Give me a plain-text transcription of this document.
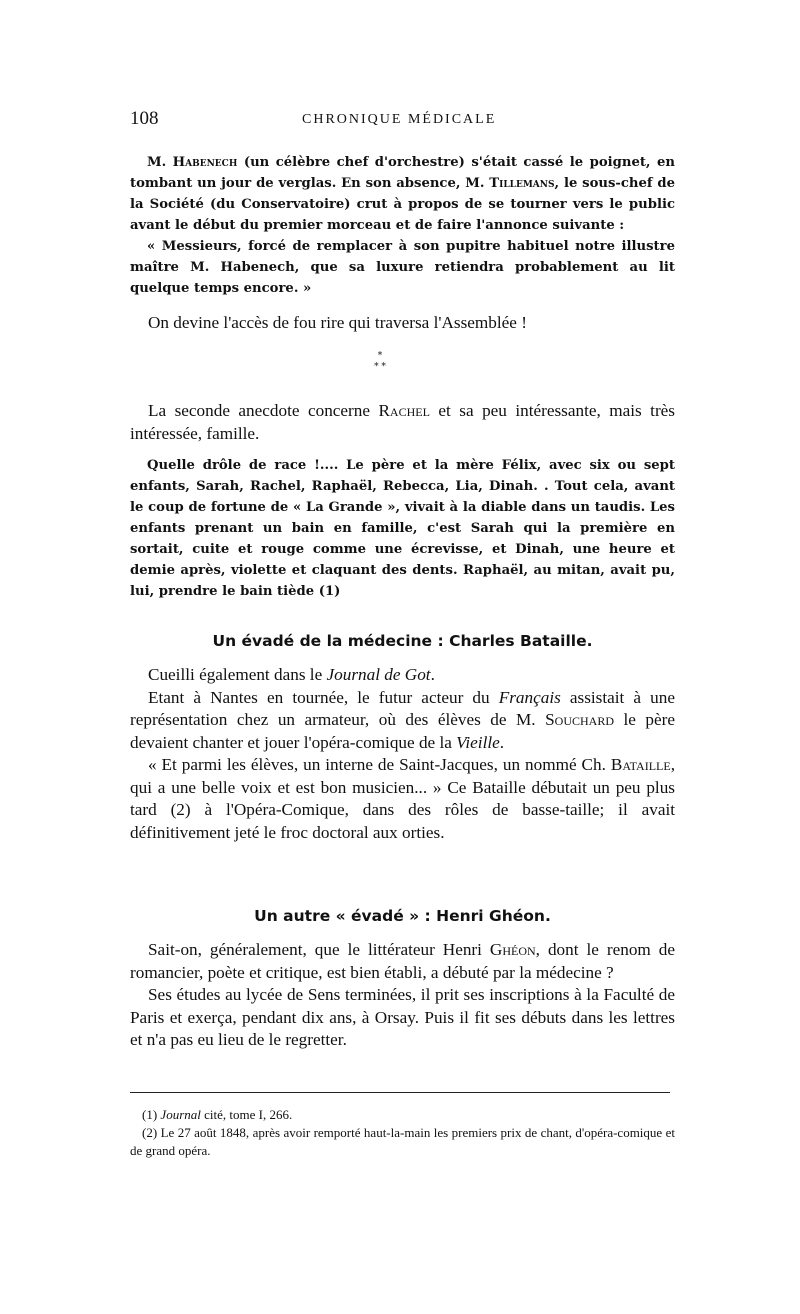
108	CHRONIQUE MÉDICALE

M. Habenech (un célèbre chef d'orchestre) s'était cassé le poignet, en tombant un jour de verglas. En son absence, M. Tillemans, le sous-chef de la Société (du Conservatoire) crut à propos de se tourner vers le public avant le début du premier morceau et de faire l'annonce suivante :

« Messieurs, forcé de remplacer à son pupitre habituel notre illustre maître M. Habenech, que sa luxure retiendra probablement au lit quelque temps encore. »

On devine l'accès de fou rire qui traversa l'Assemblée !

*
* *

La seconde anecdote concerne Rachel et sa peu intéressante, mais très intéressée, famille.

Quelle drôle de race !.... Le père et la mère Félix, avec six ou sept enfants, Sarah, Rachel, Raphaël, Rebecca, Lia, Dinah. . Tout cela, avant le coup de fortune de « La Grande », vivait à la diable dans un taudis. Les enfants prenant un bain en famille, c'est Sarah qui la première en sortait, cuite et rouge comme une écrevisse, et Dinah, une heure et demie après, violette et claquant des dents. Raphaël, au mitan, avait pu, lui, prendre le bain tiède (1)

Un évadé de la médecine : Charles Bataille.

Cueilli également dans le Journal de Got.

Etant à Nantes en tournée, le futur acteur du Français assistait à une représentation chez un armateur, où des élèves de M. Souchard le père devaient chanter et jouer l'opéra-comique de la Vieille.

« Et parmi les élèves, un interne de Saint-Jacques, un nommé Ch. Bataille, qui a une belle voix et est bon musicien... » Ce Bataille débutait un peu plus tard (2) à l'Opéra-Comique, dans des rôles de basse-taille; il avait définitivement jeté le froc doctoral aux orties.

Un autre « évadé » : Henri Ghéon.

Sait-on, généralement, que le littérateur Henri Ghéon, dont le renom de romancier, poète et critique, est bien établi, a débuté par la médecine ?

Ses études au lycée de Sens terminées, il prit ses inscriptions à la Faculté de Paris et exerça, pendant dix ans, à Orsay. Puis il fit ses débuts dans les lettres et n'a pas eu lieu de le regretter.

(1) Journal cité, tome I, 266.

(2) Le 27 août 1848, après avoir remporté haut-la-main les premiers prix de chant, d'opéra-comique et de grand opéra.
